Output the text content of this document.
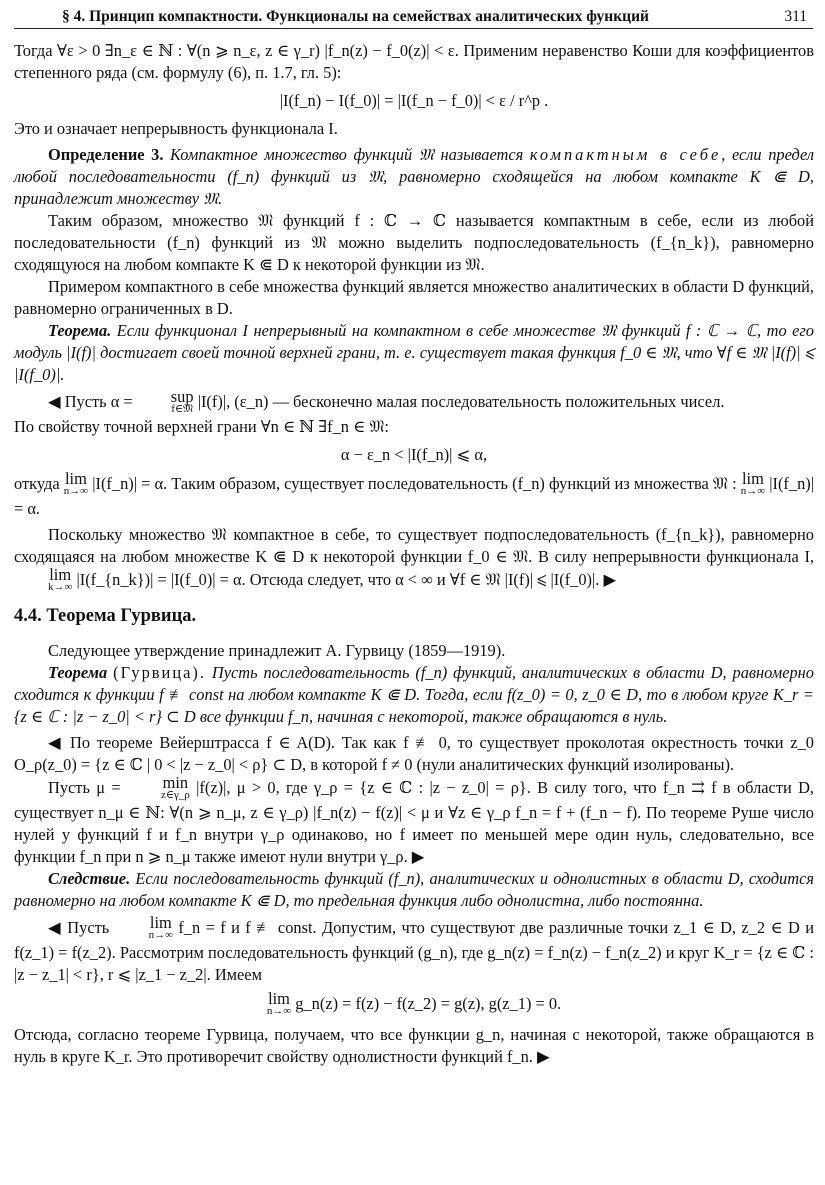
§ 4. Принцип компактности. Функционалы на семействах аналитических функций	311

Тогда ∀ε > 0 ∃n_ε ∈ ℕ : ∀(n ⩾ n_ε, z ∈ γ_r) |f_n(z) − f_0(z)| < ε. Применим неравенство Коши для коэффициентов степенного ряда (см. формулу (6), п. 1.7, гл. 5):

|I(f_n) − I(f_0)| = |I(f_n − f_0)| < ε / r^p .

Это и означает непрерывность функционала I.

Определение 3. Компактное множество функций 𝔐 называется компактным в себе, если предел любой последовательности (f_n) функций из 𝔐, равномерно сходящейся на любом компакте K ⋐ D, принадлежит множеству 𝔐.

Таким образом, множество 𝔐 функций f : ℂ → ℂ называется компактным в себе, если из любой последовательности (f_n) функций из 𝔐 можно выделить подпоследовательность (f_{n_k}), равномерно сходящуюся на любом компакте K ⋐ D к некоторой функции из 𝔐.

Примером компактного в себе множества функций является множество аналитических в области D функций, равномерно ограниченных в D.

Теорема. Если функционал I непрерывный на компактном в себе множестве 𝔐 функций f : ℂ → ℂ, то его модуль |I(f)| достигает своей точной верхней грани, т. е. существует такая функция f_0 ∈ 𝔐, что ∀f ∈ 𝔐 |I(f)| ⩽ |I(f_0)|.

◀ Пусть α = sup
f∈𝔐 |I(f)|, (ε_n) — бесконечно малая последовательность положительных чисел.

По свойству точной верхней грани ∀n ∈ ℕ ∃f_n ∈ 𝔐:

α − ε_n < |I(f_n)| ⩽ α,

откуда lim
n→∞ |I(f_n)| = α. Таким образом, существует последовательность (f_n) функций из множества 𝔐 : lim
n→∞ |I(f_n)| = α.

Поскольку множество 𝔐 компактное в себе, то существует подпоследовательность (f_{n_k}), равномерно сходящаяся на любом множестве K ⋐ D к некоторой функции f_0 ∈ 𝔐. В силу непрерывности функционала I, lim
k→∞ |I(f_{n_k})| = |I(f_0)| = α. Отсюда следует, что α < ∞ и ∀f ∈ 𝔐 |I(f)| ⩽ |I(f_0)|. ▶

4.4. Теорема Гурвица.

Следующее утверждение принадлежит А. Гурвицу (1859—1919).

Теорема (Гурвица). Пусть последовательность (f_n) функций, аналитических в области D, равномерно сходится к функции f ≢ const на любом компакте K ⋐ D. Тогда, если f(z_0) = 0, z_0 ∈ D, то в любом круге K_r = {z ∈ ℂ : |z − z_0| < r} ⊂ D все функции f_n, начиная с некоторой, также обращаются в нуль.

◀ По теореме Вейерштрасса f ∈ A(D). Так как f ≢ 0, то существует проколотая окрестность точки z_0 O_ρ(z_0) = {z ∈ ℂ | 0 < |z − z_0| < ρ} ⊂ D, в которой f ≠ 0 (нули аналитических функций изолированы).

Пусть μ =	min
z∈γ_ρ |f(z)|, μ > 0, где γ_ρ = {z ∈ ℂ : |z − z_0| = ρ}. В силу того, что f_n ⇉ f в области D, существует n_μ ∈ ℕ: ∀(n ⩾ n_μ, z ∈ γ_ρ) |f_n(z) − f(z)| < μ и ∀z ∈ γ_ρ f_n = f + (f_n − f). По теореме Руше число нулей у функций f и f_n внутри γ_ρ одинаково, но f имеет по меньшей мере один нуль, следовательно, все функции f_n при n ⩾ n_μ также имеют нули внутри γ_ρ. ▶

Следствие. Если последовательность функций (f_n), аналитических и однолистных в области D, сходится равномерно на любом компакте K ⋐ D, то предельная функция либо однолистна, либо постоянна.

◀ Пусть lim
n→∞ f_n = f и f ≢ const. Допустим, что существуют две различные точки z_1 ∈ D, z_2 ∈ D и f(z_1) = f(z_2). Рассмотрим последовательность функций (g_n), где g_n(z) = f_n(z) − f_n(z_2) и круг K_r = {z ∈ ℂ : |z − z_1| < r}, r ⩽ |z_1 − z_2|. Имеем

lim
n→∞ g_n(z) = f(z) − f(z_2) = g(z), g(z_1) = 0.

Отсюда, согласно теореме Гурвица, получаем, что все функции g_n, начиная с некоторой, также обращаются в нуль в круге K_r. Это противоречит свойству однолистности функций f_n. ▶
